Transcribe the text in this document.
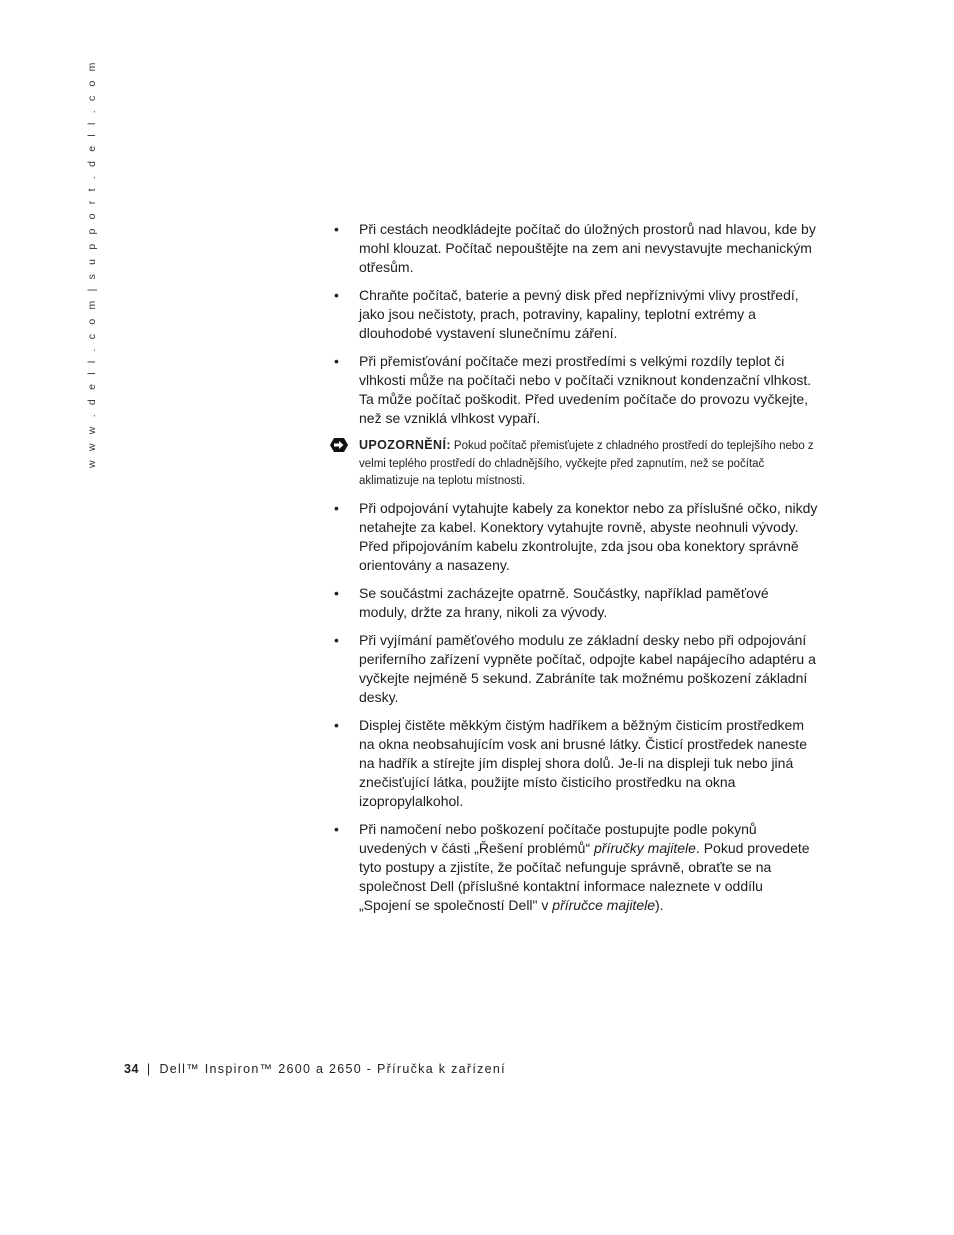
w w w . d e l l . c o m | s u p p o r t . d e l l . c o m	• Při cestách neodkládejte počítač do úložných prostorů nad hlavou, kde by mohl klouzat. Počítač nepouštějte na zem ani nevystavujte mechanickým otřesům.
• Chraňte počítač, baterie a pevný disk před nepříznivými vlivy prostředí, jako jsou nečistoty, prach, potraviny, kapaliny, teplotní extrémy a dlouhodobé vystavení slunečnímu záření.
• Při přemisťování počítače mezi prostředími s velkými rozdíly teplot či vlhkosti může na počítači nebo v počítači vzniknout kondenzační vlhkost. Ta může počítač poškodit. Před uvedením počítače do provozu vyčkejte, než se vzniklá vlhkost vypaří.
UPOZORNĚNÍ: Pokud počítač přemisťujete z chladného prostředí do teplejšího nebo z velmi teplého prostředí do chladnějšího, vyčkejte před zapnutím, než se počítač aklimatizuje na teplotu místnosti.
• Při odpojování vytahujte kabely za konektor nebo za příslušné očko, nikdy netahejte za kabel. Konektory vytahujte rovně, abyste neohnuli vývody. Před připojováním kabelu zkontrolujte, zda jsou oba konektory správně orientovány a nasazeny.
• Se součástmi zacházejte opatrně. Součástky, například paměťové moduly, držte za hrany, nikoli za vývody.
• Při vyjímání paměťového modulu ze základní desky nebo při odpojování periferního zařízení vypněte počítač, odpojte kabel napájecího adaptéru a vyčkejte nejméně 5 sekund. Zabráníte tak možnému poškození základní desky.
• Displej čistěte měkkým čistým hadříkem a běžným čisticím prostředkem na okna neobsahujícím vosk ani brusné látky. Čisticí prostředek naneste na hadřík a stírejte jím displej shora dolů. Je-li na displeji tuk nebo jiná znečisťující látka, použijte místo čisticího prostředku na okna izopropylalkohol.
• Při namočení nebo poškození počítače postupujte podle pokynů uvedených v části „Řešení problémů“ příručky majitele. Pokud provedete tyto postupy a zjistíte, že počítač nefunguje správně, obraťte se na společnost Dell (příslušné kontaktní informace naleznete v oddílu „Spojení se společností Dell" v příručce majitele).
34 | Dell™ Inspiron™ 2600 a 2650 - Příručka k zařízení
